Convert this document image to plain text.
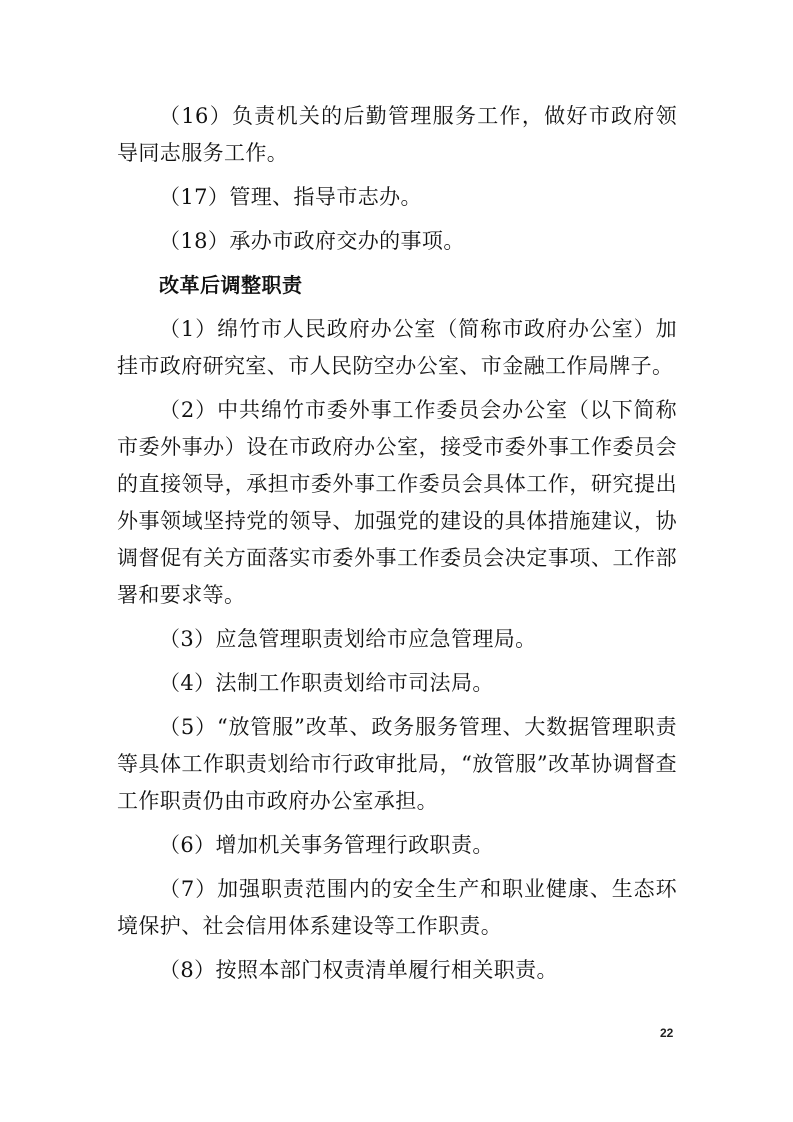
（16）负责机关的后勤管理服务工作，做好市政府领导同志服务工作。

（17）管理、指导市志办。

（18）承办市政府交办的事项。

改革后调整职责

（1）绵竹市人民政府办公室（简称市政府办公室）加挂市政府研究室、市人民防空办公室、市金融工作局牌子。

（2）中共绵竹市委外事工作委员会办公室（以下简称市委外事办）设在市政府办公室，接受市委外事工作委员会的直接领导，承担市委外事工作委员会具体工作，研究提出外事领域坚持党的领导、加强党的建设的具体措施建议，协调督促有关方面落实市委外事工作委员会决定事项、工作部署和要求等。

（3）应急管理职责划给市应急管理局。

（4）法制工作职责划给市司法局。

（5）“放管服”改革、政务服务管理、大数据管理职责等具体工作职责划给市行政审批局，“放管服”改革协调督查工作职责仍由市政府办公室承担。

（6）增加机关事务管理行政职责。

（7）加强职责范围内的安全生产和职业健康、生态环境保护、社会信用体系建设等工作职责。

（8）按照本部门权责清单履行相关职责。

22
